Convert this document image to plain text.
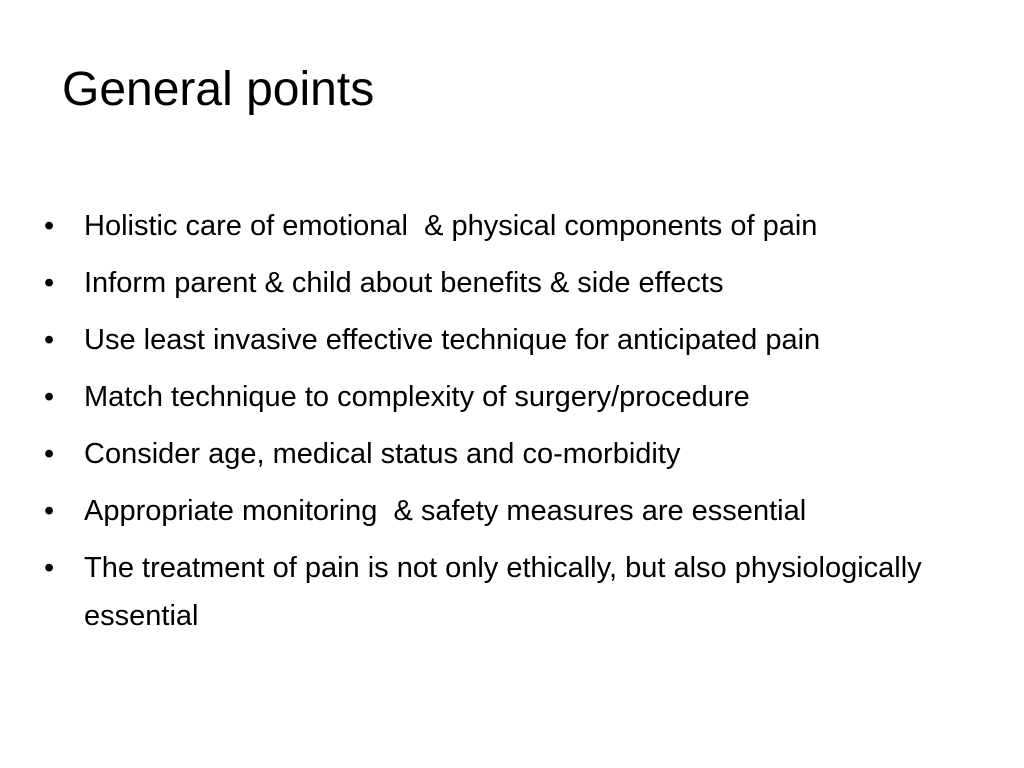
General points
•	Holistic care of emotional  & physical components of pain
•	Inform parent & child about benefits & side effects
•	Use least invasive effective technique for anticipated pain
•	Match technique to complexity of surgery/procedure
•	Consider age, medical status and co-morbidity
•	Appropriate monitoring  & safety measures are essential
•	The treatment of pain is not only ethically, but also physiologically essential
